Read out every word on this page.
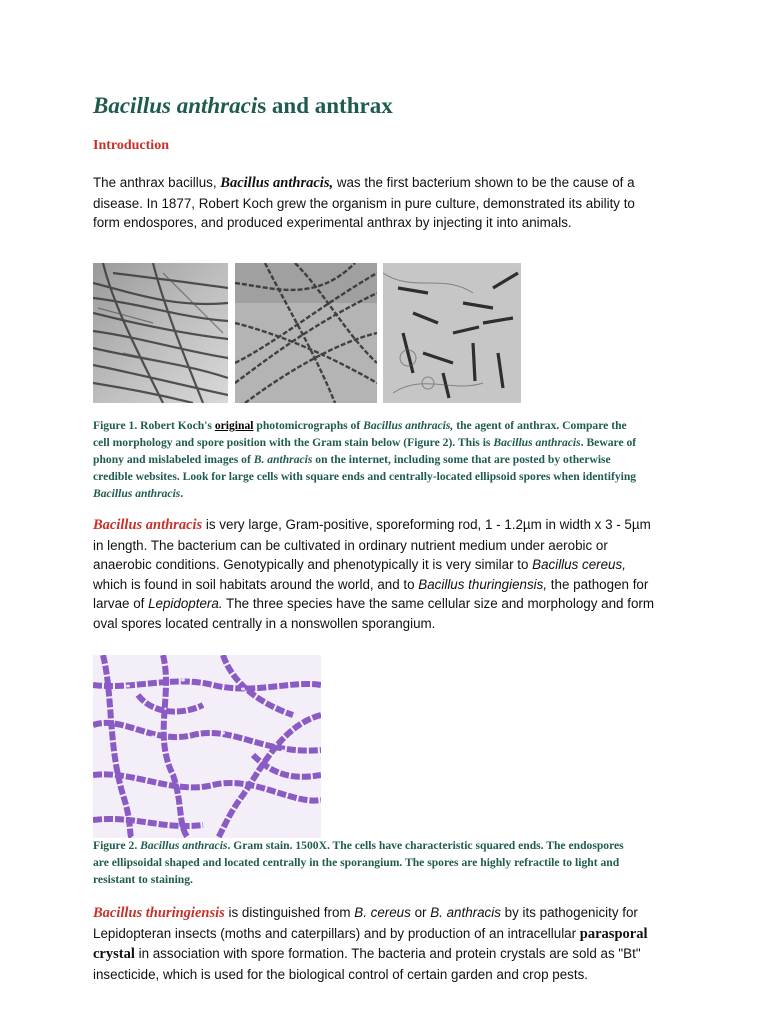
Bacillus anthracis and anthrax
Introduction

The anthrax bacillus, Bacillus anthracis, was the first bacterium shown to be the cause of a disease. In 1877, Robert Koch grew the organism in pure culture, demonstrated its ability to form endospores, and produced experimental anthrax by injecting it into animals.

Figure 1. Robert Koch's original photomicrographs of Bacillus anthracis, the agent of anthrax. Compare the cell morphology and spore position with the Gram stain below (Figure 2). This is Bacillus anthracis. Beware of phony and mislabeled images of B. anthracis on the internet, including some that are posted by otherwise credible websites. Look for large cells with square ends and centrally-located ellipsoid spores when identifying Bacillus anthracis.

Bacillus anthracis is very large, Gram-positive, sporeforming rod, 1 - 1.2µm in width x 3 - 5µm in length. The bacterium can be cultivated in ordinary nutrient medium under aerobic or anaerobic conditions. Genotypically and phenotypically it is very similar to Bacillus cereus, which is found in soil habitats around the world, and to Bacillus thuringiensis, the pathogen for larvae of Lepidoptera. The three species have the same cellular size and morphology and form oval spores located centrally in a nonswollen sporangium.

Figure 2. Bacillus anthracis. Gram stain. 1500X. The cells have characteristic squared ends. The endospores are ellipsoidal shaped and located centrally in the sporangium. The spores are highly refractile to light and resistant to staining.

Bacillus thuringiensis is distinguished from B. cereus or B. anthracis by its pathogenicity for Lepidopteran insects (moths and caterpillars) and by production of an intracellular parasporal crystal in association with spore formation. The bacteria and protein crystals are sold as "Bt" insecticide, which is used for the biological control of certain garden and crop pests.
